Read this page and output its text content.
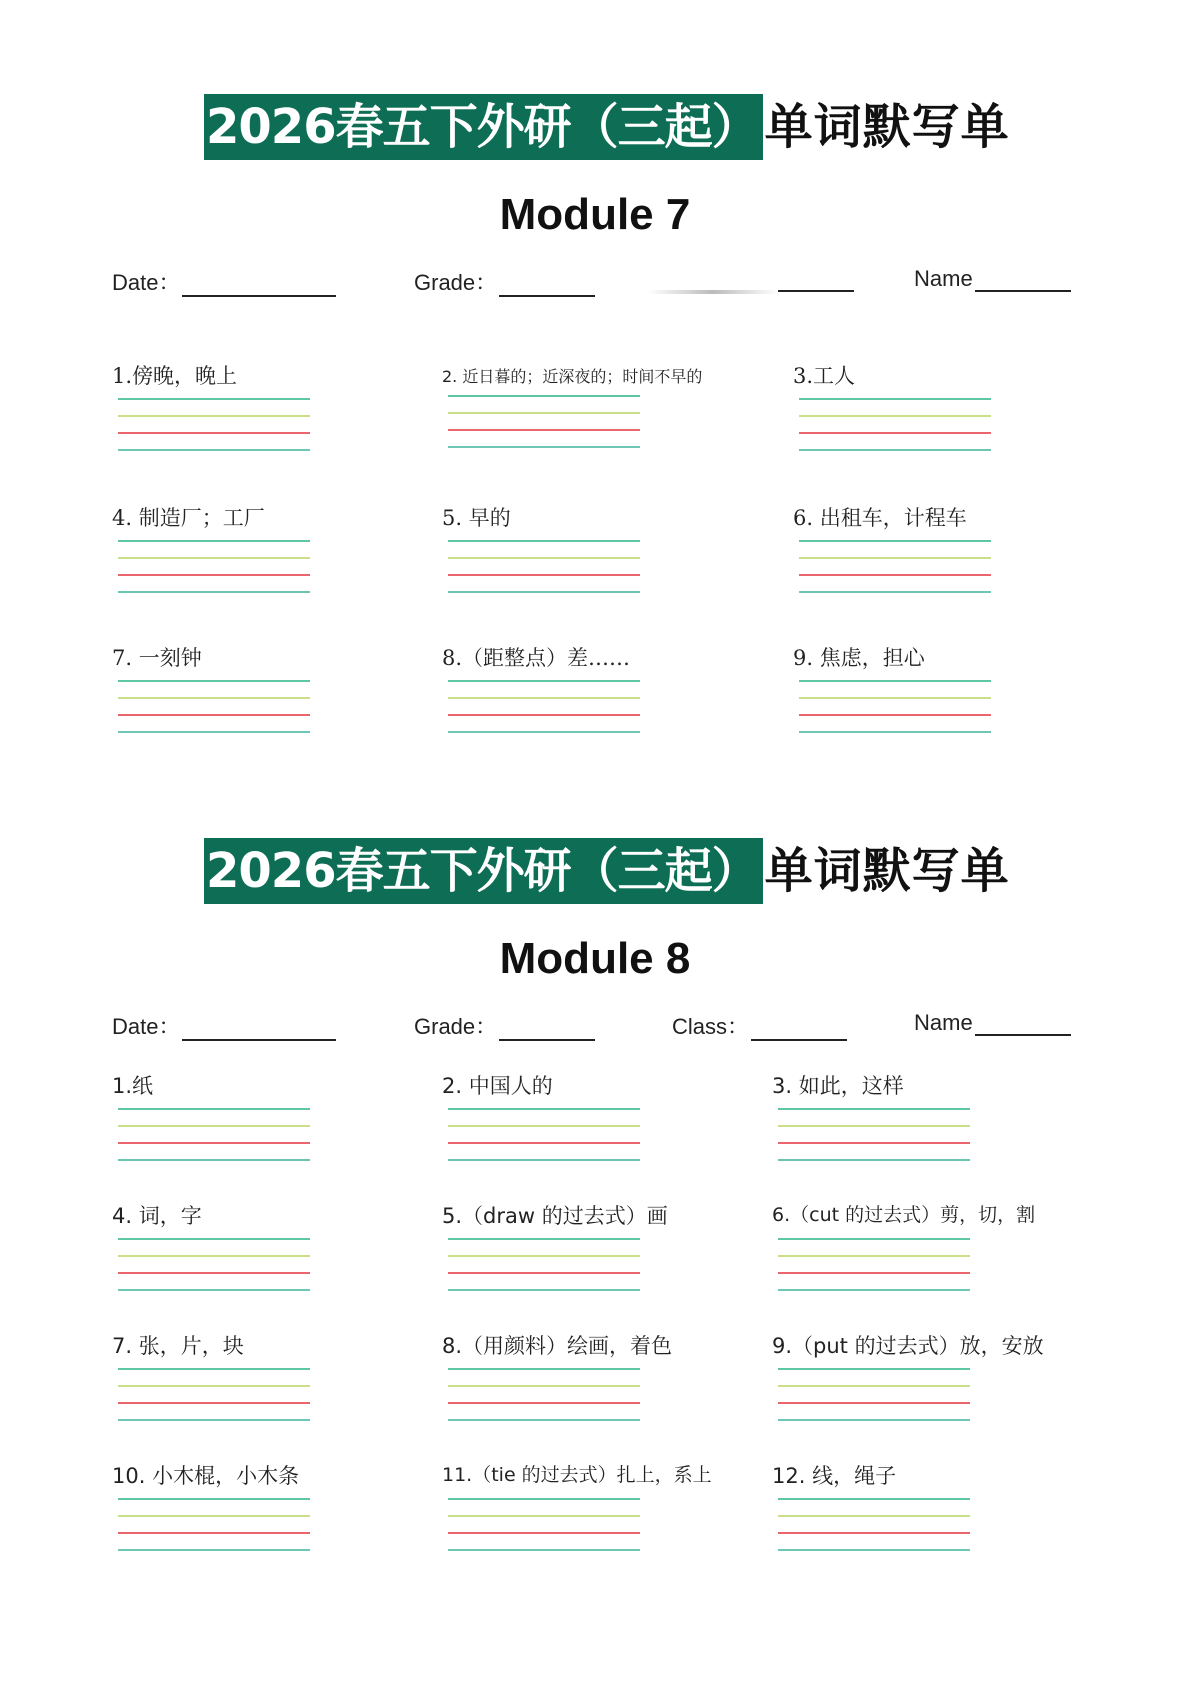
2026春五下外研（三起） 单词默写单
Module 7
Date：	Grade：	Name
1.傍晚，晚上	2. 近日暮的；近深夜的；时间不早的	3.工人
4. 制造厂；工厂	5. 早的	6. 出租车，计程车
7. 一刻钟	8.（距整点）差……	9. 焦虑，担心
2026春五下外研（三起） 单词默写单
Module 8
Date：	Grade：	Class：	Name
1.纸	2. 中国人的	3. 如此，这样
4. 词，字	5.（draw 的过去式）画	6.（cut 的过去式）剪，切，割
7. 张，片，块	8.（用颜料）绘画，着色	9.（put 的过去式）放，安放
10. 小木棍，小木条	11.（tie 的过去式）扎上，系上	12. 线，绳子
